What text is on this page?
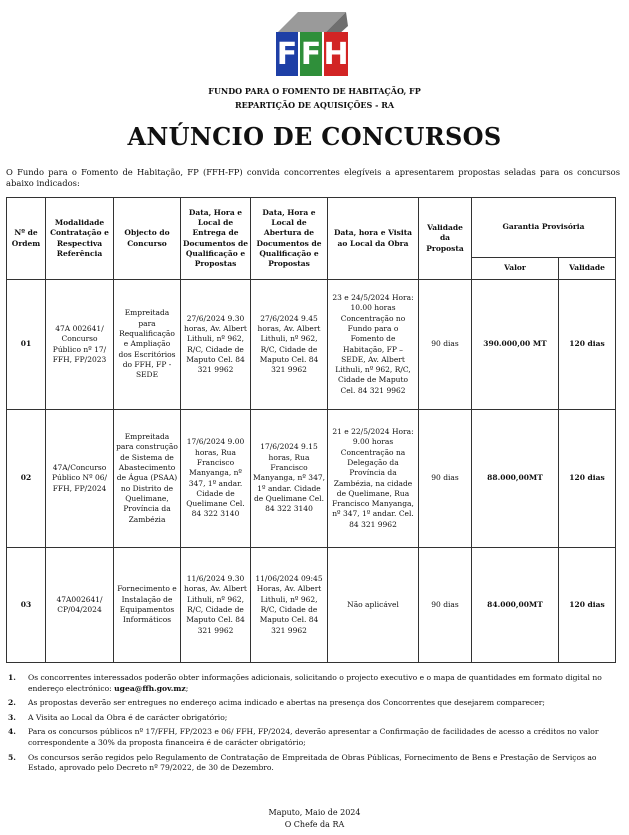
F F H
FUNDO PARA O FOMENTO DE HABITAÇÃO, FP
REPARTIÇÃO DE AQUISIÇÕES - RA
ANÚNCIO DE CONCURSOS
O Fundo para o Fomento de Habitação, FP (FFH-FP) convida concorrentes elegíveis a apresentarem propostas seladas para os concursos abaixo indicados:
Nº de Ordem	Modalidade Contratação e Respectiva Referência	Objecto do Concurso	Data, Hora e Local de Entrega de Documentos de Qualificação e Propostas	Data, Hora e Local de Abertura de Documentos de Qualificação e Propostas	Data, hora e Visita ao Local da Obra	Validade da Proposta	Garantia Provisória	
							Valor	Validade
01	47A 002641/ Concurso Público nº 17/ FFH, FP/2023	Empreitada para Requalificação e Ampliação dos Escritórios do FFH, FP - SEDE	27/6/2024 9.30 horas, Av. Albert Lithuli, nº 962, R/C, Cidade de Maputo Cel. 84 321 9962	27/6/2024 9.45 horas, Av. Albert Lithuli, nº 962, R/C, Cidade de Maputo Cel. 84 321 9962	23 e 24/5/2024 Hora: 10.00 horas Concentração no Fundo para o Fomento de Habitação, FP – SEDE, Av. Albert Lithuli, nº 962, R/C, Cidade de Maputo Cel. 84 321 9962	90 dias	390.000,00 MT	120 dias
02	47A/Concurso Público Nº 06/ FFH, FP/2024	Empreitada para construção de Sistema de Abastecimento de Água (PSAA) no Distrito de Quelimane, Província da Zambézia	17/6/2024 9.00 horas, Rua Francisco Manyanga, nº 347, 1º andar. Cidade de Quelimane Cel. 84 322 3140	17/6/2024 9.15 horas, Rua Francisco Manyanga, nº 347, 1º andar. Cidade de Quelimane Cel. 84 322 3140	21 e 22/5/2024 Hora: 9.00 horas Concentração na Delegação da Província da Zambézia, na cidade de Quelimane, Rua Francisco Manyanga, nº 347, 1º andar. Cel. 84 321 9962	90 dias	88.000,00MT	120 dias
03	47A002641/ CP/04/2024	Fornecimento e Instalação de Equipamentos Informáticos	11/6/2024 9.30 horas, Av. Albert Lithuli, nº 962, R/C, Cidade de Maputo Cel. 84 321 9962	11/06/2024 09:45 Horas, Av. Albert Lithuli, nº 962, R/C, Cidade de Maputo Cel. 84 321 9962	Não aplicável	90 dias	84.000,00MT	120 dias
1. Os concorrentes interessados poderão obter informações adicionais, solicitando o projecto executivo e o mapa de quantidades em formato digital no endereço electrónico: ugea@ffh.gov.mz;
2. As propostas deverão ser entregues no endereço acima indicado e abertas na presença dos Concorrentes que desejarem comparecer;
3. A Visita ao Local da Obra é de carácter obrigatório;
4. Para os concursos públicos nº 17/FFH, FP/2023 e 06/ FFH, FP/2024, deverão apresentar a Confirmação de facilidades de acesso a créditos no valor correspondente a 30% da proposta financeira é de carácter obrigatório;
5. Os concursos serão regidos pelo Regulamento de Contratação de Empreitada de Obras Públicas, Fornecimento de Bens e Prestação de Serviços ao Estado, aprovado pelo Decreto nº 79/2022, de 30 de Dezembro.
Maputo, Maio de 2024
O Chefe da RA
